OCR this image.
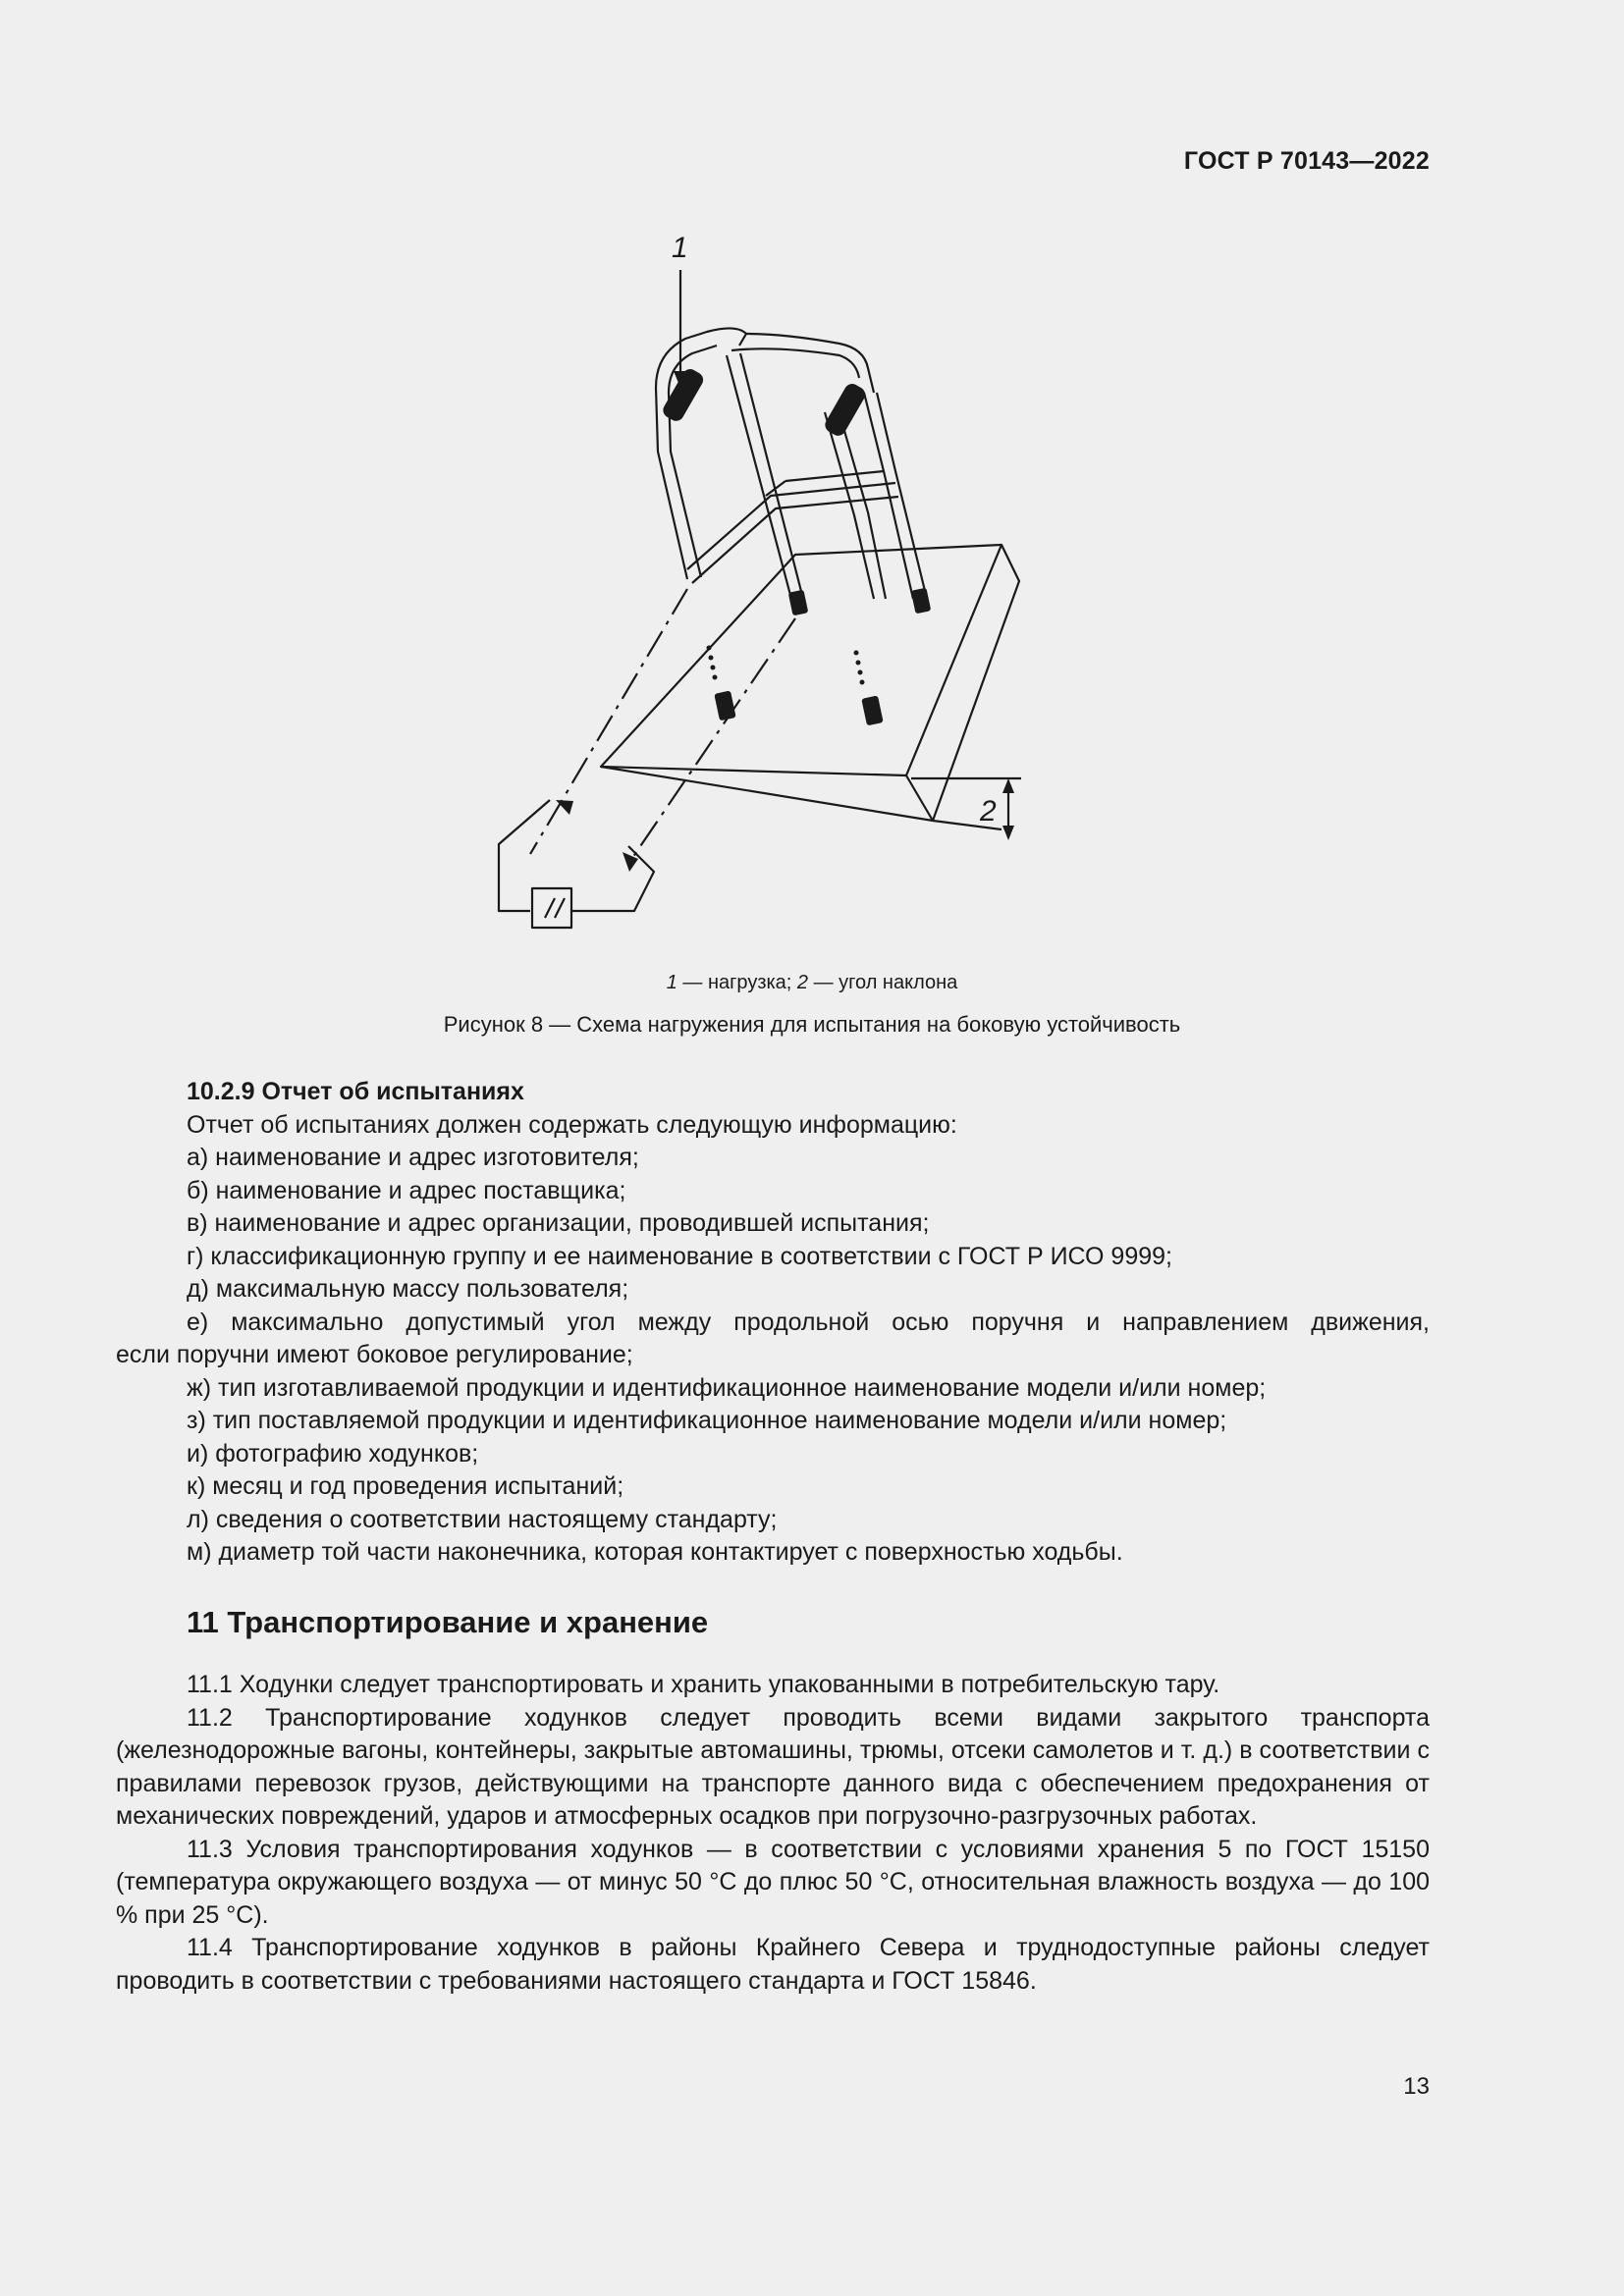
ГОСТ Р 70143—2022
1
2
1 — нагрузка; 2 — угол наклона
Рисунок 8 — Схема нагружения для испытания на боковую устойчивость

10.2.9 Отчет об испытаниях

Отчет об испытаниях должен содержать следующую информацию:

а) наименование и адрес изготовителя;

б) наименование и адрес поставщика;

в) наименование и адрес организации, проводившей испытания;

г) классификационную группу и ее наименование в соответствии с ГОСТ Р ИСО 9999;

д) максимальную массу пользователя;

е) максимально допустимый угол между продольной осью поручня и направлением движения,

если поручни имеют боковое регулирование;

ж) тип изготавливаемой продукции и идентификационное наименование модели и/или номер;

з) тип поставляемой продукции и идентификационное наименование модели и/или номер;

и) фотографию ходунков;

к) месяц и год проведения испытаний;

л) сведения о соответствии настоящему стандарту;

м) диаметр той части наконечника, которая контактирует с поверхностью ходьбы.

11 Транспортирование и хранение

11.1 Ходунки следует транспортировать и хранить упакованными в потребительскую тару.

11.2 Транспортирование ходунков следует проводить всеми видами закрытого транспорта (железнодорожные вагоны, контейнеры, закрытые автомашины, трюмы, отсеки самолетов и т. д.) в соответствии с правилами перевозок грузов, действующими на транспорте данного вида с обеспечением предохранения от механических повреждений, ударов и атмосферных осадков при погрузочно-разгрузочных работах.

11.3 Условия транспортирования ходунков — в соответствии с условиями хранения 5 по ГОСТ 15150 (температура окружающего воздуха — от минус 50 °С до плюс 50 °С, относительная влажность воздуха — до 100 % при 25 °С).

11.4 Транспортирование ходунков в районы Крайнего Севера и труднодоступные районы следует проводить в соответствии с требованиями настоящего стандарта и ГОСТ 15846.

13
